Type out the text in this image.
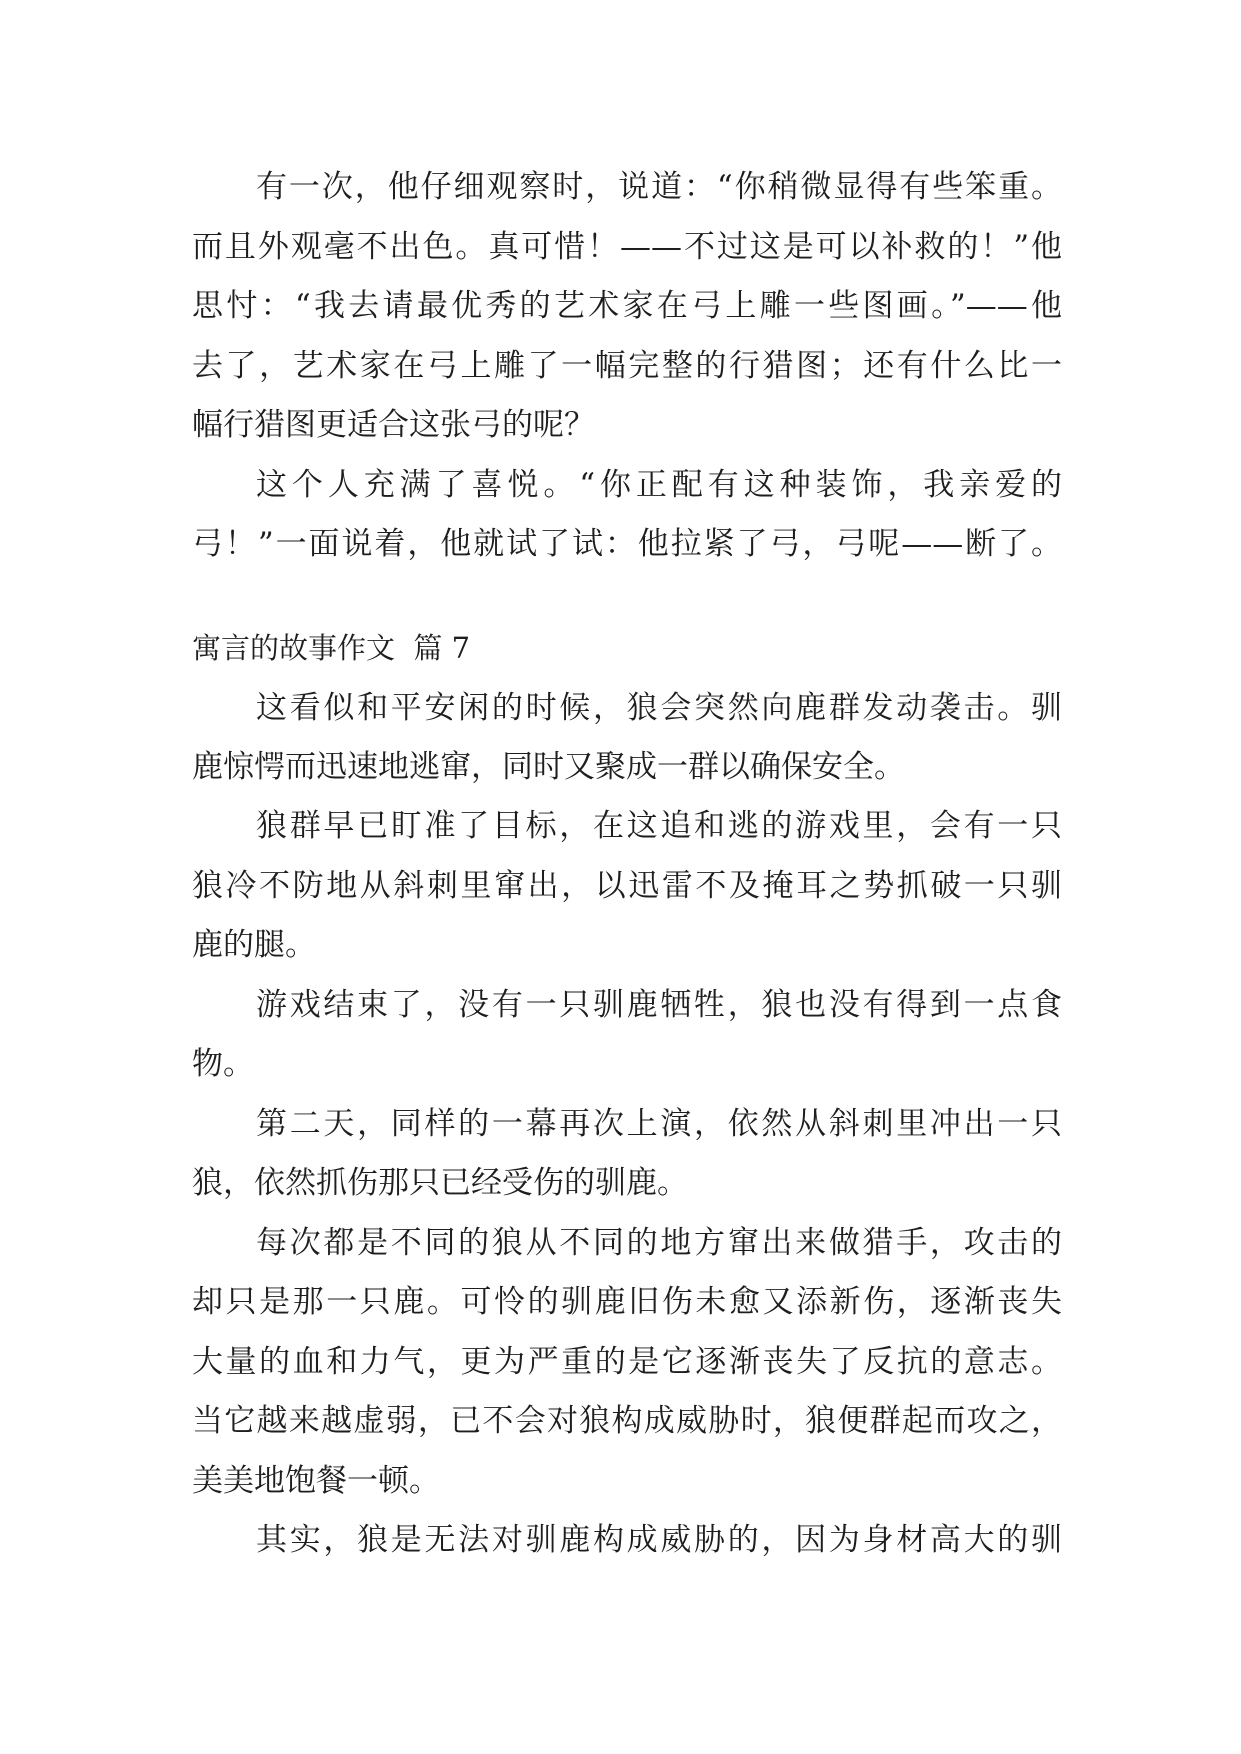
有一次，他仔细观察时，说道：“你稍微显得有些笨重。
而且外观毫不出色。真可惜！——不过这是可以补救的！”他
思忖：“我去请最优秀的艺术家在弓上雕一些图画。”——他
去了，艺术家在弓上雕了一幅完整的行猎图；还有什么比一
幅行猎图更适合这张弓的呢？
这个人充满了喜悦。“你正配有这种装饰，我亲爱的
弓！”一面说着，他就试了试：他拉紧了弓，弓呢——断了。
寓言的故事作文  篇 7
这看似和平安闲的时候，狼会突然向鹿群发动袭击。驯
鹿惊愕而迅速地逃窜，同时又聚成一群以确保安全。
狼群早已盯准了目标，在这追和逃的游戏里，会有一只
狼冷不防地从斜刺里窜出，以迅雷不及掩耳之势抓破一只驯
鹿的腿。
游戏结束了，没有一只驯鹿牺牲，狼也没有得到一点食
物。
第二天，同样的一幕再次上演，依然从斜刺里冲出一只
狼，依然抓伤那只已经受伤的驯鹿。
每次都是不同的狼从不同的地方窜出来做猎手，攻击的
却只是那一只鹿。可怜的驯鹿旧伤未愈又添新伤，逐渐丧失
大量的血和力气，更为严重的是它逐渐丧失了反抗的意志。
当它越来越虚弱，已不会对狼构成威胁时，狼便群起而攻之，
美美地饱餐一顿。
其实，狼是无法对驯鹿构成威胁的，因为身材高大的驯
